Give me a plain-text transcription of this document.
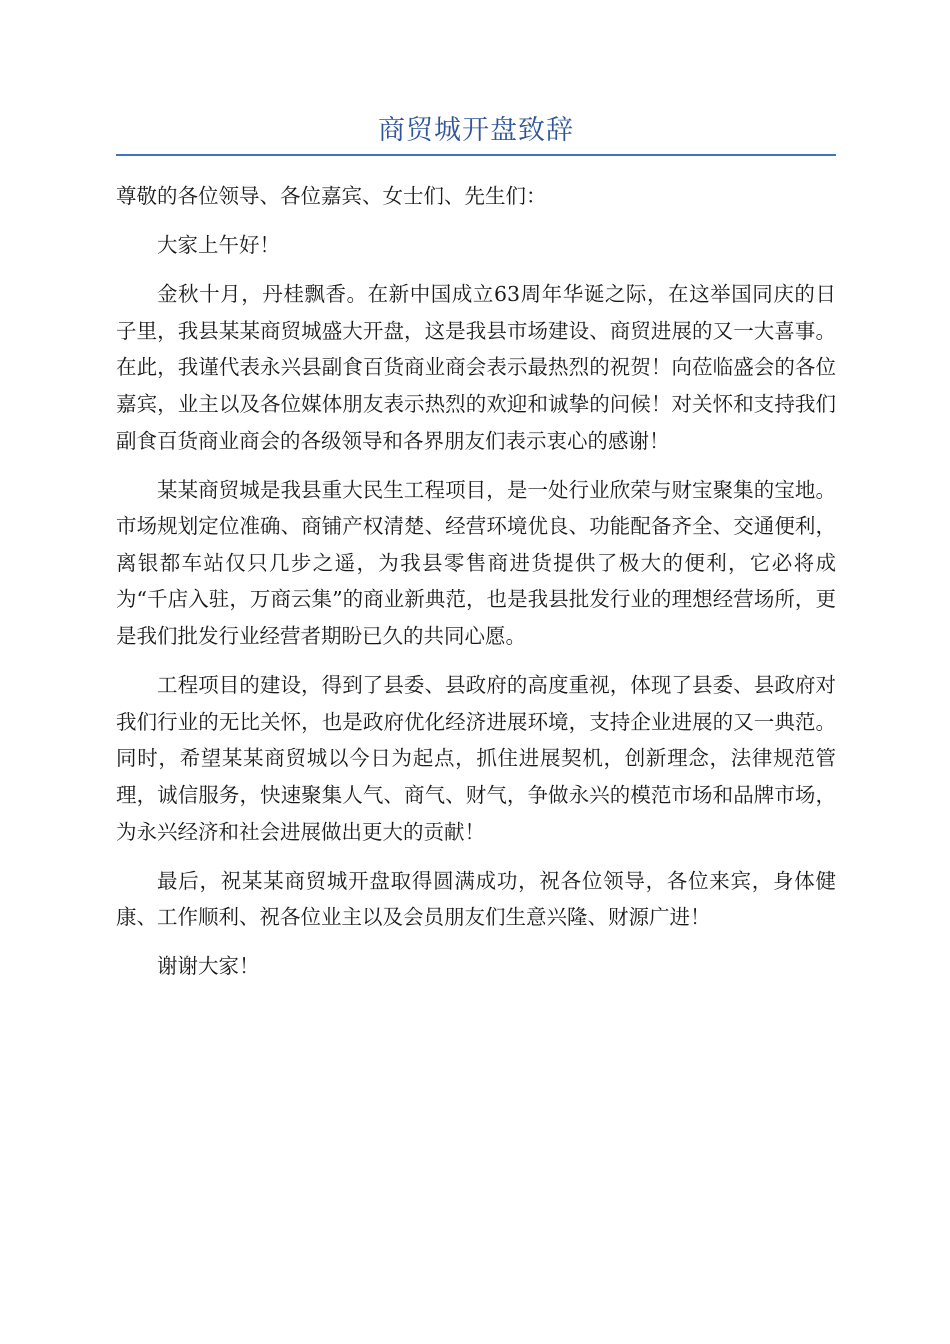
商贸城开盘致辞

尊敬的各位领导、各位嘉宾、女士们、先生们：

大家上午好！

金秋十月，丹桂飘香。在新中国成立63周年华诞之际，在这举国同庆的日子里，我县某某商贸城盛大开盘，这是我县市场建设、商贸进展的又一大喜事。在此，我谨代表永兴县副食百货商业商会表示最热烈的祝贺！向莅临盛会的各位嘉宾，业主以及各位媒体朋友表示热烈的欢迎和诚挚的问候！对关怀和支持我们副食百货商业商会的各级领导和各界朋友们表示衷心的感谢！

某某商贸城是我县重大民生工程项目，是一处行业欣荣与财宝聚集的宝地。市场规划定位准确、商铺产权清楚、经营环境优良、功能配备齐全、交通便利，离银都车站仅只几步之遥，为我县零售商进货提供了极大的便利，它必将成为“千店入驻，万商云集”的商业新典范，也是我县批发行业的理想经营场所，更是我们批发行业经营者期盼已久的共同心愿。

工程项目的建设，得到了县委、县政府的高度重视，体现了县委、县政府对我们行业的无比关怀，也是政府优化经济进展环境，支持企业进展的又一典范。同时，希望某某商贸城以今日为起点，抓住进展契机，创新理念，法律规范管理，诚信服务，快速聚集人气、商气、财气，争做永兴的模范市场和品牌市场，为永兴经济和社会进展做出更大的贡献！

最后，祝某某商贸城开盘取得圆满成功，祝各位领导，各位来宾，身体健康、工作顺利、祝各位业主以及会员朋友们生意兴隆、财源广进！

谢谢大家！
